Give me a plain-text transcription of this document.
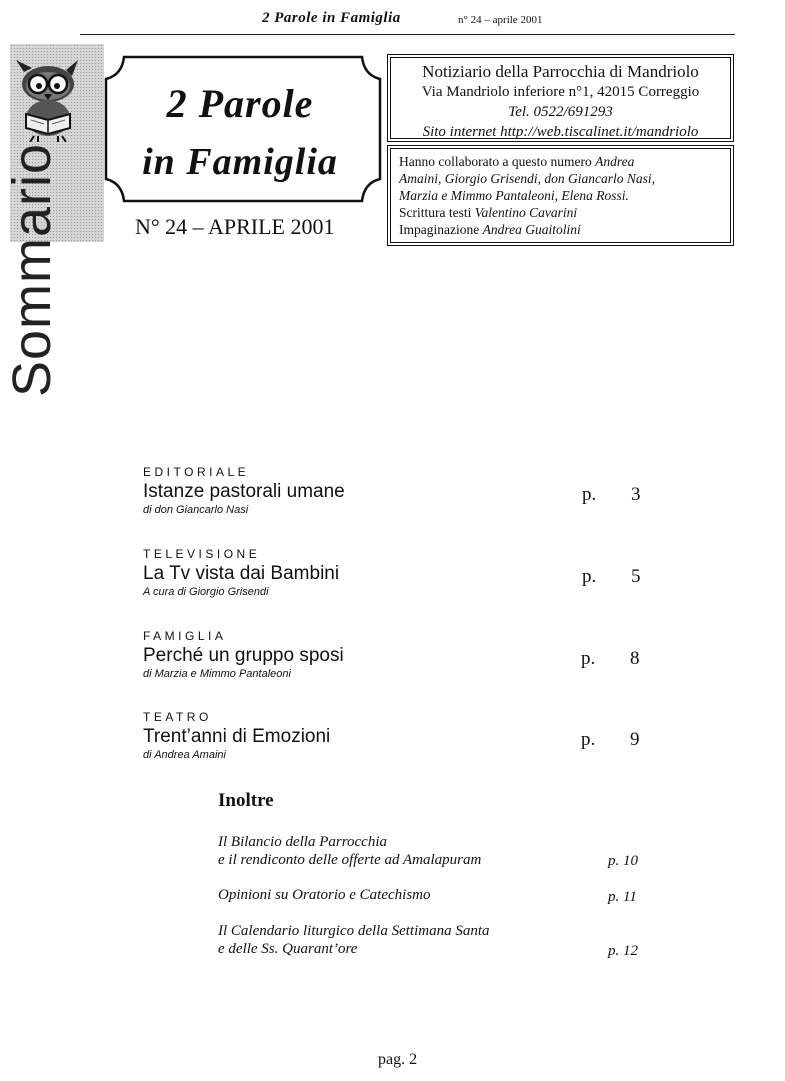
2 Parole in Famiglia	n° 24 – aprile 2001
Sommario
2 Parole
in Famiglia
N° 24 – APRILE 2001
Notiziario della Parrocchia di Mandriolo
Via Mandriolo inferiore n°1, 42015 Correggio
Tel. 0522/691293
Sito internet http://web.tiscalinet.it/mandriolo
Hanno collaborato a questo numero Andrea
Amaini, Giorgio Grisendi, don Giancarlo Nasi,
Marzia e Mimmo Pantaleoni, Elena Rossi.
Scrittura testi Valentino Cavarini
Impaginazione Andrea Guaitolini
EDITORIALE
Istanze pastorali umane
di don Giancarlo Nasi
p. 3
TELEVISIONE
La Tv vista dai Bambini
A cura di Giorgio Grisendi
p. 5
FAMIGLIA
Perché un gruppo sposi
di Marzia e Mimmo Pantaleoni
p. 8
TEATRO
Trent’anni di Emozioni
di Andrea Amaini
p. 9
Inoltre
Il Bilancio della Parrocchia
e il rendiconto delle offerte ad Amalapuram	p. 10
Opinioni su Oratorio e Catechismo	p. 11
Il Calendario liturgico della Settimana Santa
e delle Ss. Quarant’ore	p. 12
pag. 2
